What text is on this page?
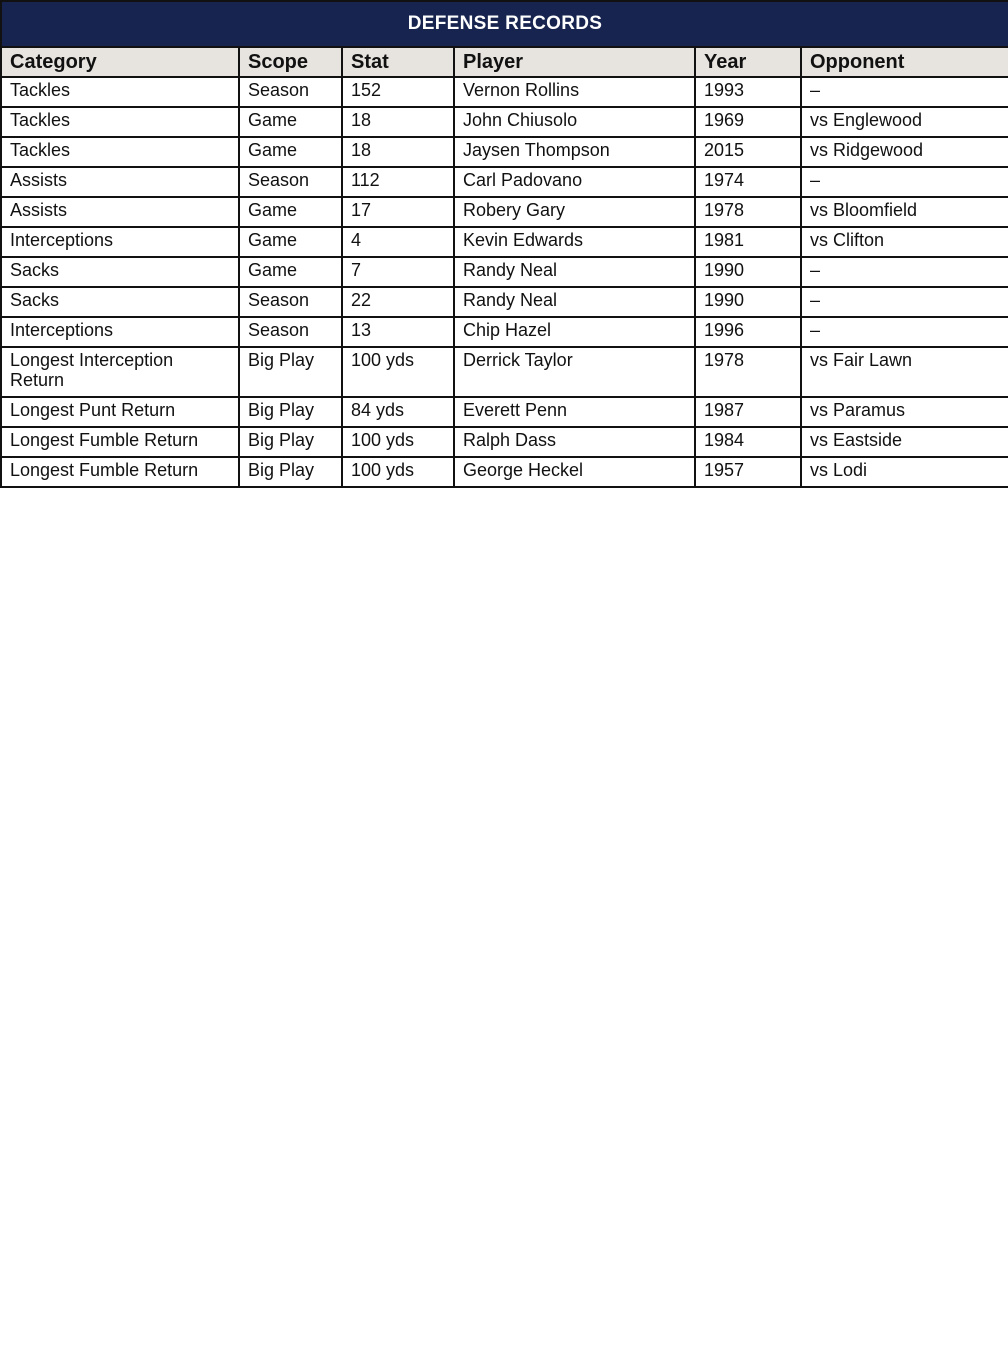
DEFENSE RECORDS					
Category	Scope	Stat	Player	Year	Opponent
Tackles	Season	152	Vernon Rollins	1993	–
Tackles	Game	18	John Chiusolo	1969	vs Englewood
Tackles	Game	18	Jaysen Thompson	2015	vs Ridgewood
Assists	Season	112	Carl Padovano	1974	–
Assists	Game	17	Robery Gary	1978	vs Bloomfield
Interceptions	Game	4	Kevin Edwards	1981	vs Clifton
Sacks	Game	7	Randy Neal	1990	–
Sacks	Season	22	Randy Neal	1990	–
Interceptions	Season	13	Chip Hazel	1996	–
Longest Interception Return	Big Play	100 yds	Derrick Taylor	1978	vs Fair Lawn
Longest Punt Return	Big Play	84 yds	Everett Penn	1987	vs Paramus
Longest Fumble Return	Big Play	100 yds	Ralph Dass	1984	vs Eastside
Longest Fumble Return	Big Play	100 yds	George Heckel	1957	vs Lodi
